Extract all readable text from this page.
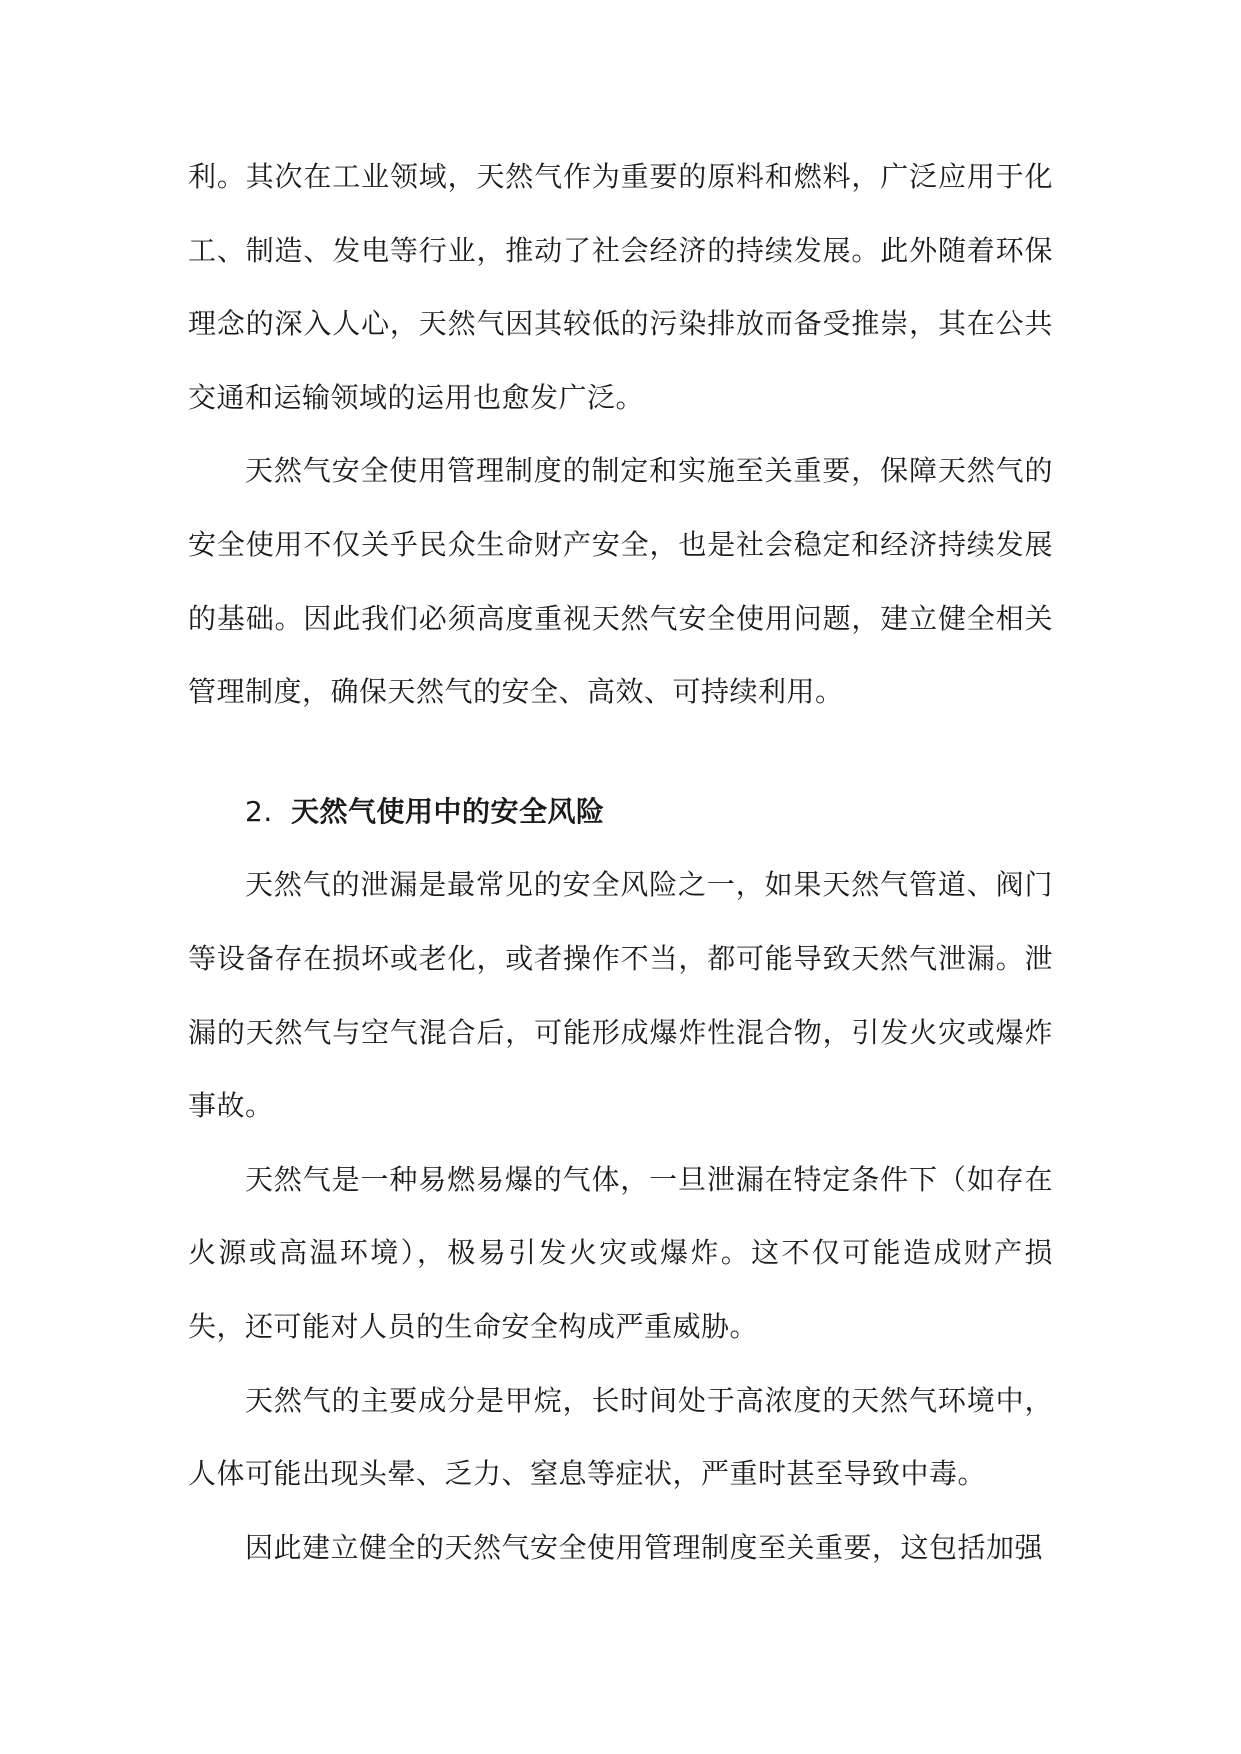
利。其次在工业领域，天然气作为重要的原料和燃料，广泛应用于化工、制造、发电等行业，推动了社会经济的持续发展。此外随着环保理念的深入人心，天然气因其较低的污染排放而备受推崇，其在公共交通和运输领域的运用也愈发广泛。

天然气安全使用管理制度的制定和实施至关重要，保障天然气的安全使用不仅关乎民众生命财产安全，也是社会稳定和经济持续发展的基础。因此我们必须高度重视天然气安全使用问题，建立健全相关管理制度，确保天然气的安全、高效、可持续利用。

2. 天然气使用中的安全风险

天然气的泄漏是最常见的安全风险之一，如果天然气管道、阀门等设备存在损坏或老化，或者操作不当，都可能导致天然气泄漏。泄漏的天然气与空气混合后，可能形成爆炸性混合物，引发火灾或爆炸事故。

天然气是一种易燃易爆的气体，一旦泄漏在特定条件下（如存在火源或高温环境），极易引发火灾或爆炸。这不仅可能造成财产损失，还可能对人员的生命安全构成严重威胁。

天然气的主要成分是甲烷，长时间处于高浓度的天然气环境中，人体可能出现头晕、乏力、窒息等症状，严重时甚至导致中毒。

因此建立健全的天然气安全使用管理制度至关重要，这包括加强
